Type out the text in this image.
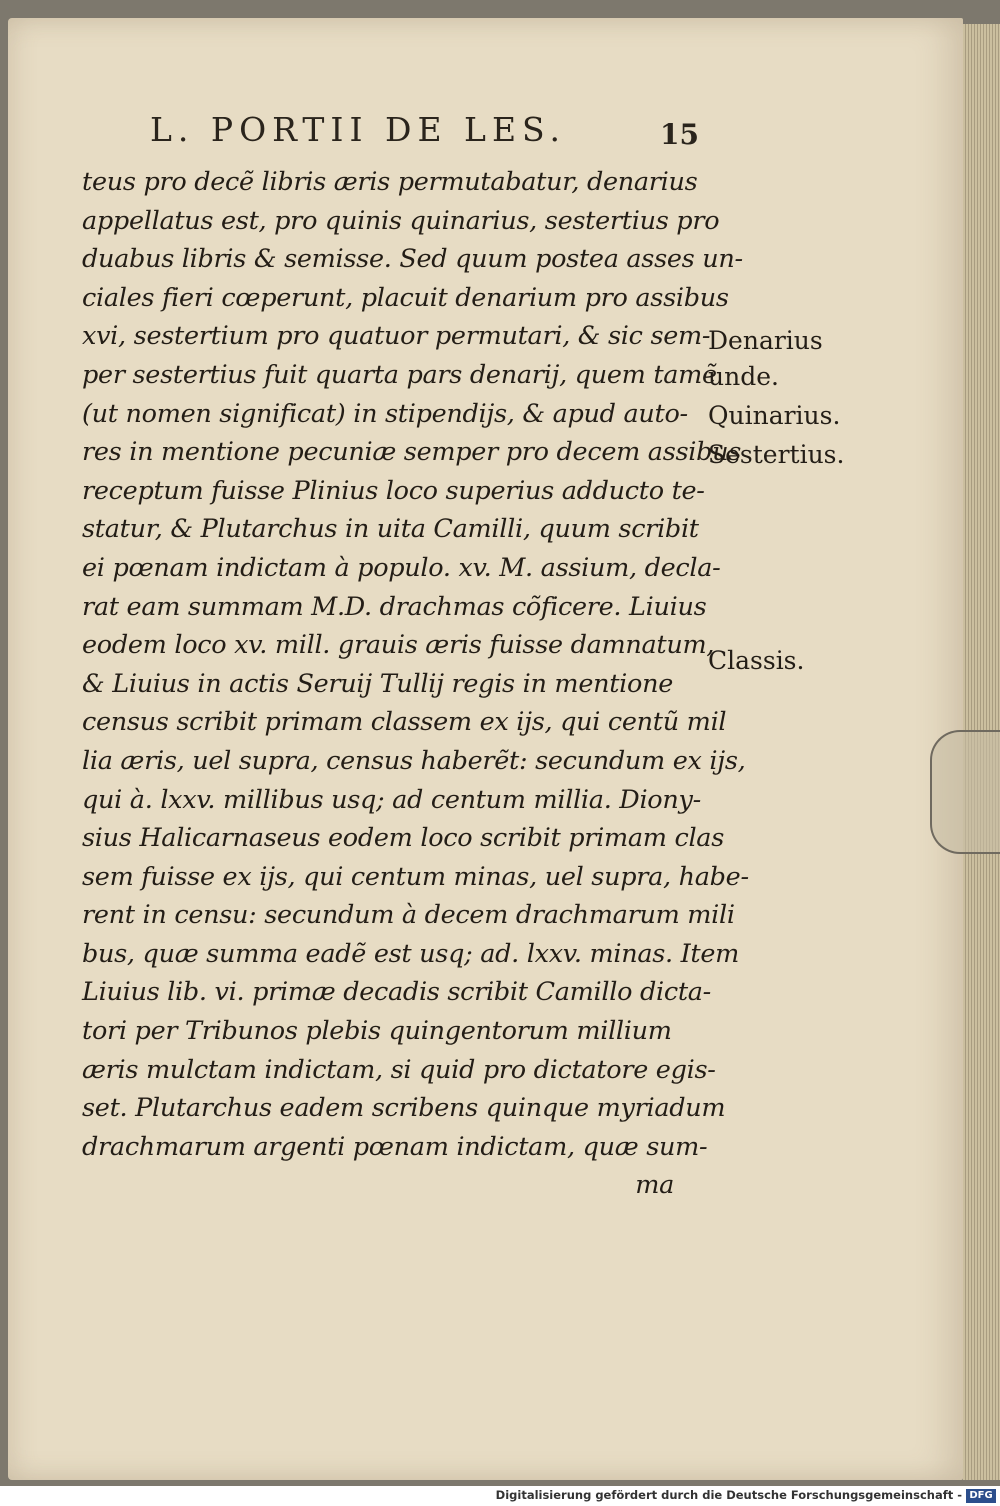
L. PORTII DE LES.	15
teus pro decẽ libris æris permutabatur, denarius
appellatus est, pro quinis quinarius, sestertius pro
duabus libris & semisse. Sed quum postea asses un-
ciales fieri cœperunt, placuit denarium pro assibus
xvi, sestertium pro quatuor permutari, & sic sem-
per sestertius fuit quarta pars denarij, quem tamẽ
(ut nomen significat) in stipendijs, & apud auto-
res in mentione pecuniæ semper pro decem assibus
receptum fuisse Plinius loco superius adducto te-
statur, & Plutarchus in uita Camilli, quum scribit
ei pœnam indictam à populo. xv. M. assium, decla-
rat eam summam M.D. drachmas cõficere. Liuius
eodem loco xv. mill. grauis æris fuisse damnatum,
& Liuius in actis Seruij Tullij regis in mentione
census scribit primam classem ex ijs, qui centũ mil
lia æris, uel supra, census haberẽt: secundum ex ijs,
qui à. lxxv. millibus usq; ad centum millia. Diony-
sius Halicarnaseus eodem loco scribit primam clas
sem fuisse ex ijs, qui centum minas, uel supra, habe-
rent in censu: secundum à decem drachmarum mili
bus, quæ summa eadẽ est usq; ad. lxxv. minas. Item
Liuius lib. vi. primæ decadis scribit Camillo dicta-
tori per Tribunos plebis quingentorum millium
æris mulctam indictam, si quid pro dictatore egis-
set. Plutarchus eadem scribens quinque myriadum
drachmarum argenti pœnam indictam, quæ sum-
ma
Denarius
unde.
Quinarius.
Sestertius.
Classis.
Digitalisierung gefördert durch die Deutsche Forschungsgemeinschaft - DFG
